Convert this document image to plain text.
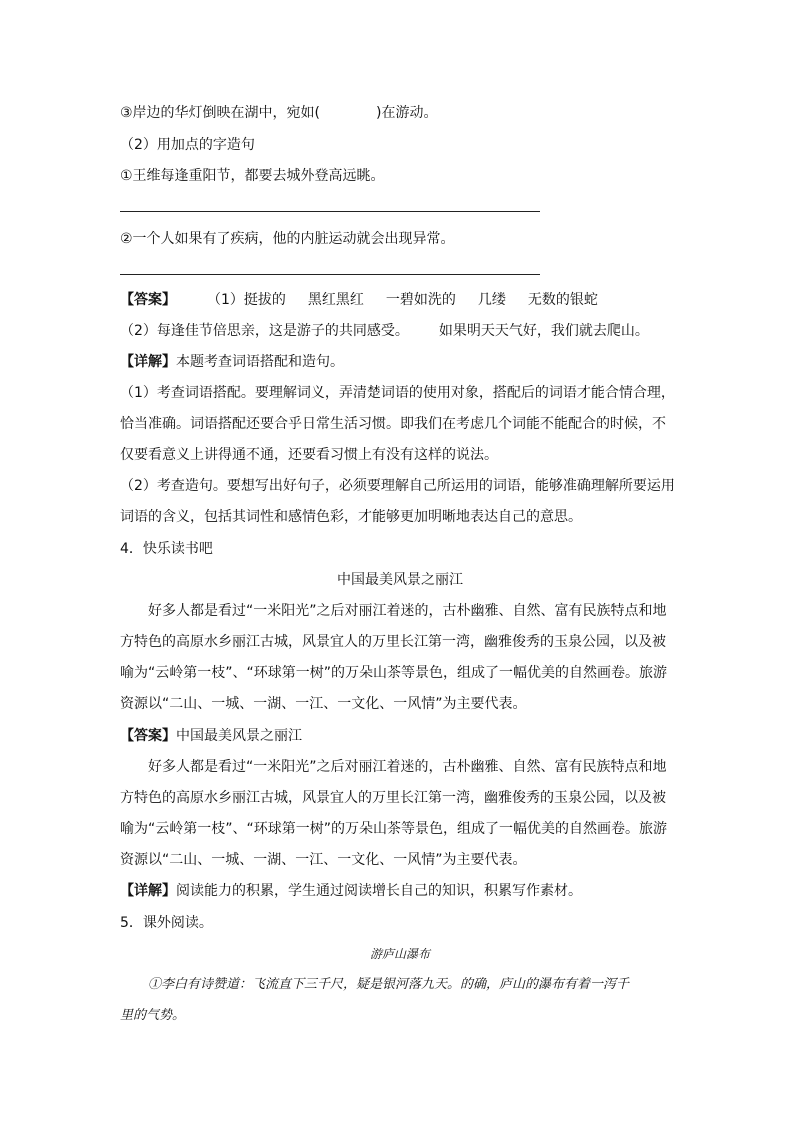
③岸边的华灯倒映在湖中，宛如(　　　　)在游动。
（2）用加点的字造句
①王维每逢重阳节，都要去城外登高远眺。
②一个人如果有了疾病，他的内脏运动就会出现异常。
【答案】	（1）挺拔的 黑红黑红 一碧如洗的 几缕 无数的银蛇
（2）每逢佳节倍思亲，这是游子的共同感受。 如果明天天气好，我们就去爬山。
【详解】本题考查词语搭配和造句。
（1）考查词语搭配。要理解词义，弄清楚词语的使用对象，搭配后的词语才能合情合理，
恰当准确。词语搭配还要合乎日常生活习惯。即我们在考虑几个词能不能配合的时候，不
仅要看意义上讲得通不通，还要看习惯上有没有这样的说法。
（2）考查造句。要想写出好句子，必须要理解自己所运用的词语，能够准确理解所要运用
词语的含义，包括其词性和感情色彩，才能够更加明晰地表达自己的意思。
4．快乐读书吧
中国最美风景之丽江
好多人都是看过“一米阳光”之后对丽江着迷的，古朴幽雅、自然、富有民族特点和地
方特色的高原水乡丽江古城，风景宜人的万里长江第一湾，幽雅俊秀的玉泉公园，以及被
喻为“云岭第一枝”、“环球第一树”的万朵山茶等景色，组成了一幅优美的自然画卷。旅游
资源以“二山、一城、一湖、一江、一文化、一风情”为主要代表。
【答案】中国最美风景之丽江
好多人都是看过“一米阳光”之后对丽江着迷的，古朴幽雅、自然、富有民族特点和地
方特色的高原水乡丽江古城，风景宜人的万里长江第一湾，幽雅俊秀的玉泉公园，以及被
喻为“云岭第一枝”、“环球第一树”的万朵山茶等景色，组成了一幅优美的自然画卷。旅游
资源以“二山、一城、一湖、一江、一文化、一风情”为主要代表。
【详解】阅读能力的积累，学生通过阅读增长自己的知识，积累写作素材。
5．课外阅读。
游庐山瀑布
①李白有诗赞道：飞流直下三千尺，疑是银河落九天。的确，庐山的瀑布有着一泻千
里的气势。
